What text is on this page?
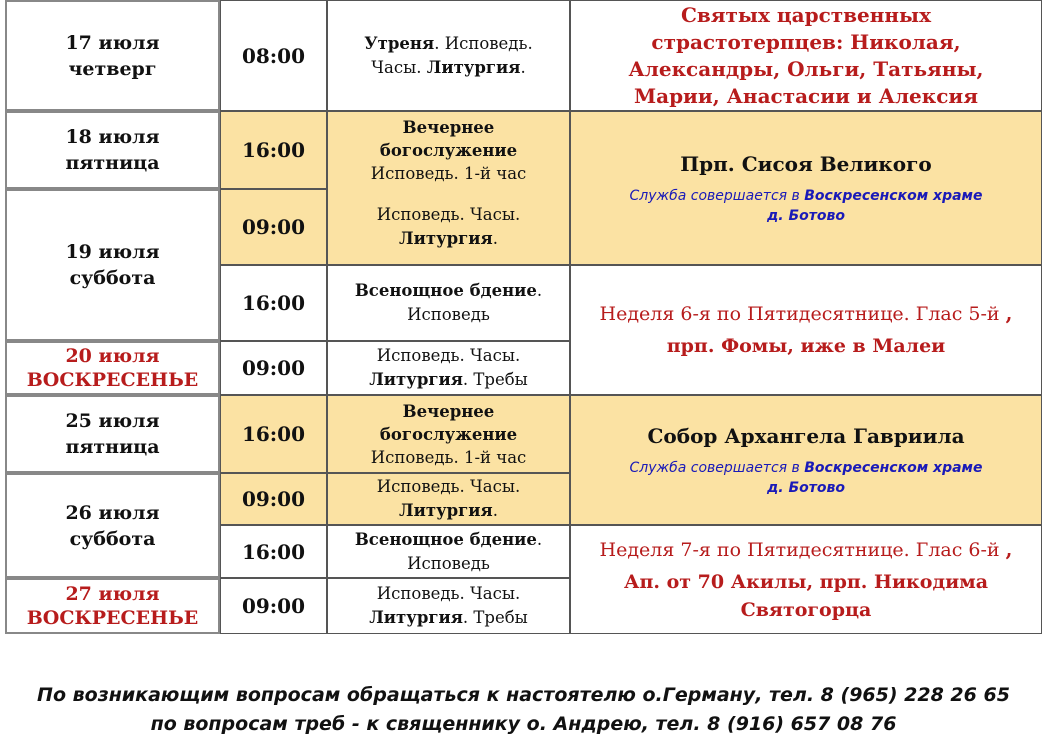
17 июля
четверг
08:00
Утреня. Исповедь.
Часы. Литургия.
Святых царственных
страстотерпцев: Николая,
Александры, Ольги, Татьяны,
Марии, Анастасии и Алексия
18 июля
пятница
16:00
Вечернее
богослужение
Исповедь. 1-й час
19 июля
суббота
09:00
Исповедь. Часы.
Литургия.
Прп. Сисоя Великого
Служба совершается в Воскресенском храме
д. Ботово
16:00
Всенощное бдение.
Исповедь
20 июля
ВОСКРЕСЕНЬЕ 09:00
Исповедь. Часы.
Литургия. Требы
Неделя 6-я по Пятидесятнице. Глас 5-й ,
прп. Фомы, иже в Малеи
25 июля
пятница
16:00
Вечернее
богослужение
Исповедь. 1-й час
26 июля
суббота
09:00
Исповедь. Часы.
Литургия.
Собор Архангела Гавриила
Служба совершается в Воскресенском храме
д. Ботово
16:00
Всенощное бдение.
Исповедь
27 июля
ВОСКРЕСЕНЬЕ 09:00
Исповедь. Часы.
Литургия. Требы
Неделя 7-я по Пятидесятнице. Глас 6-й ,
Ап. от 70 Акилы, прп. Никодима
Святогорца
По возникающим вопросам обращаться к настоятелю о.Герману, тел. 8 (965) 228 26 65
по вопросам треб - к священнику о. Андрею, тел. 8 (916) 657 08 76
